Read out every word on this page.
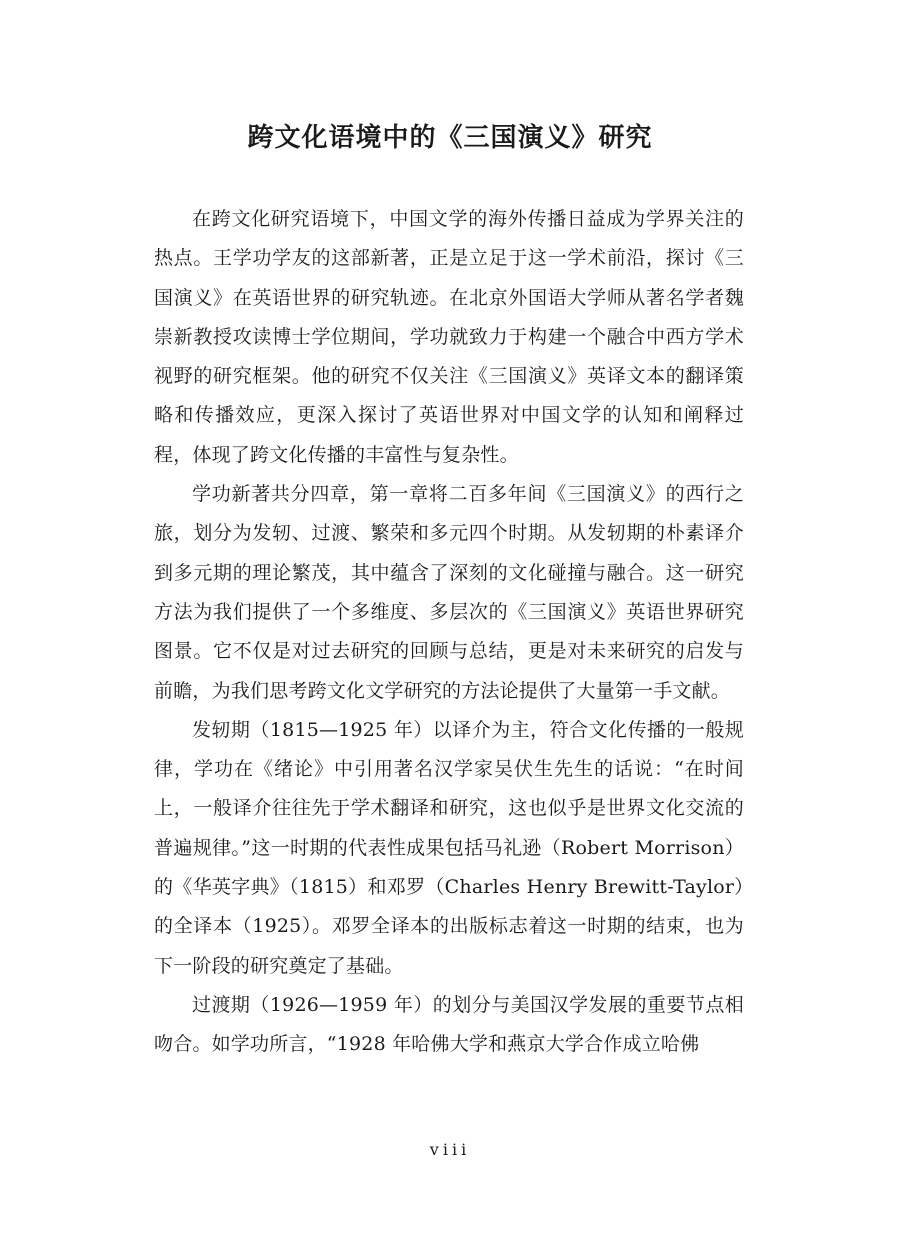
跨文化语境中的《三国演义》研究

在跨文化研究语境下，中国文学的海外传播日益成为学界关注的热点。王学功学友的这部新著，正是立足于这一学术前沿，探讨《三国演义》在英语世界的研究轨迹。在北京外国语大学师从著名学者魏崇新教授攻读博士学位期间，学功就致力于构建一个融合中西方学术视野的研究框架。他的研究不仅关注《三国演义》英译文本的翻译策略和传播效应，更深入探讨了英语世界对中国文学的认知和阐释过程，体现了跨文化传播的丰富性与复杂性。

学功新著共分四章，第一章将二百多年间《三国演义》的西行之旅，划分为发轫、过渡、繁荣和多元四个时期。从发轫期的朴素译介到多元期的理论繁茂，其中蕴含了深刻的文化碰撞与融合。这一研究方法为我们提供了一个多维度、多层次的《三国演义》英语世界研究图景。它不仅是对过去研究的回顾与总结，更是对未来研究的启发与前瞻，为我们思考跨文化文学研究的方法论提供了大量第一手文献。

发轫期（1815—1925 年）以译介为主，符合文化传播的一般规律，学功在《绪论》中引用著名汉学家吴伏生先生的话说：“在时间上，一般译介往往先于学术翻译和研究，这也似乎是世界文化交流的普遍规律。”这一时期的代表性成果包括马礼逊（Robert Morrison）的《华英字典》（1815）和邓罗（Charles Henry Brewitt-Taylor）的全译本（1925）。邓罗全译本的出版标志着这一时期的结束，也为下一阶段的研究奠定了基础。

过渡期（1926—1959 年）的划分与美国汉学发展的重要节点相吻合。如学功所言，“1928 年哈佛大学和燕京大学合作成立哈佛

viii
